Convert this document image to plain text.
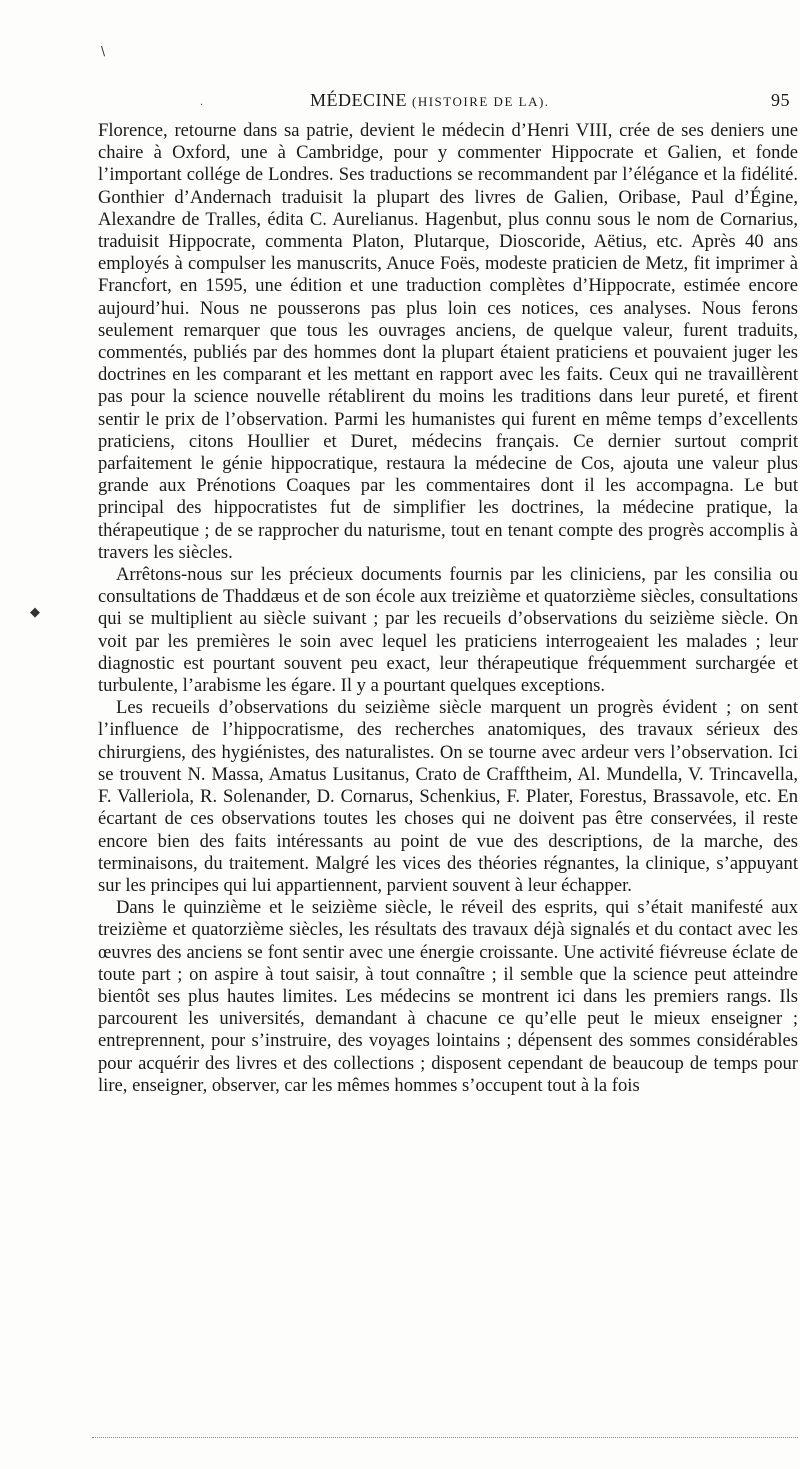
\
.
◆
MÉDECINE (HISTOIRE DE LA).	95

Florence, retourne dans sa patrie, devient le médecin d’Henri VIII, crée de ses deniers une chaire à Oxford, une à Cambridge, pour y commenter Hippocrate et Galien, et fonde l’important collége de Londres. Ses traductions se recommandent par l’élégance et la fidélité. Gonthier d’Andernach traduisit la plupart des livres de Galien, Oribase, Paul d’Égine, Alexandre de Tralles, édita C. Aurelianus. Hagenbut, plus connu sous le nom de Cornarius, traduisit Hippocrate, commenta Platon, Plutarque, Dioscoride, Aëtius, etc. Après 40 ans employés à compulser les manuscrits, Anuce Foës, modeste praticien de Metz, fit imprimer à Francfort, en 1595, une édition et une traduction complètes d’Hippocrate, estimée encore aujourd’hui. Nous ne pousserons pas plus loin ces notices, ces analyses. Nous ferons seulement remarquer que tous les ouvrages anciens, de quelque valeur, furent traduits, commentés, publiés par des hommes dont la plupart étaient praticiens et pouvaient juger les doctrines en les comparant et les mettant en rapport avec les faits. Ceux qui ne travaillèrent pas pour la science nouvelle rétablirent du moins les traditions dans leur pureté, et firent sentir le prix de l’observation. Parmi les humanistes qui furent en même temps d’excellents praticiens, citons Houllier et Duret, médecins français. Ce dernier surtout comprit parfaitement le génie hippocratique, restaura la médecine de Cos, ajouta une valeur plus grande aux Prénotions Coaques par les commentaires dont il les accompagna. Le but principal des hippocratistes fut de simplifier les doctrines, la médecine pratique, la thérapeutique ; de se rapprocher du naturisme, tout en tenant compte des progrès accomplis à travers les siècles.

Arrêtons-nous sur les précieux documents fournis par les cliniciens, par les consilia ou consultations de Thaddæus et de son école aux treizième et quatorzième siècles, consultations qui se multiplient au siècle suivant ; par les recueils d’observations du seizième siècle. On voit par les premières le soin avec lequel les praticiens interrogeaient les malades ; leur diagnostic est pourtant souvent peu exact, leur thérapeutique fréquemment surchargée et turbulente, l’arabisme les égare. Il y a pourtant quelques exceptions.

Les recueils d’observations du seizième siècle marquent un progrès évident ; on sent l’influence de l’hippocratisme, des recherches anatomiques, des travaux sérieux des chirurgiens, des hygiénistes, des naturalistes. On se tourne avec ardeur vers l’observation. Ici se trouvent N. Massa, Amatus Lusitanus, Crato de Crafftheim, Al. Mundella, V. Trincavella, F. Valleriola, R. Solenander, D. Cornarus, Schenkius, F. Plater, Forestus, Brassavole, etc. En écartant de ces observations toutes les choses qui ne doivent pas être conservées, il reste encore bien des faits intéressants au point de vue des descriptions, de la marche, des terminaisons, du traitement. Malgré les vices des théories régnantes, la clinique, s’appuyant sur les principes qui lui appartiennent, parvient souvent à leur échapper.

Dans le quinzième et le seizième siècle, le réveil des esprits, qui s’était manifesté aux treizième et quatorzième siècles, les résultats des travaux déjà signalés et du contact avec les œuvres des anciens se font sentir avec une énergie croissante. Une activité fiévreuse éclate de toute part ; on aspire à tout saisir, à tout connaître ; il semble que la science peut atteindre bientôt ses plus hautes limites. Les médecins se montrent ici dans les premiers rangs. Ils parcourent les universités, demandant à chacune ce qu’elle peut le mieux enseigner ; entreprennent, pour s’instruire, des voyages lointains ; dépensent des sommes considérables pour acquérir des livres et des collections ; disposent cependant de beaucoup de temps pour lire, enseigner, observer, car les mêmes hommes s’occupent tout à la fois
